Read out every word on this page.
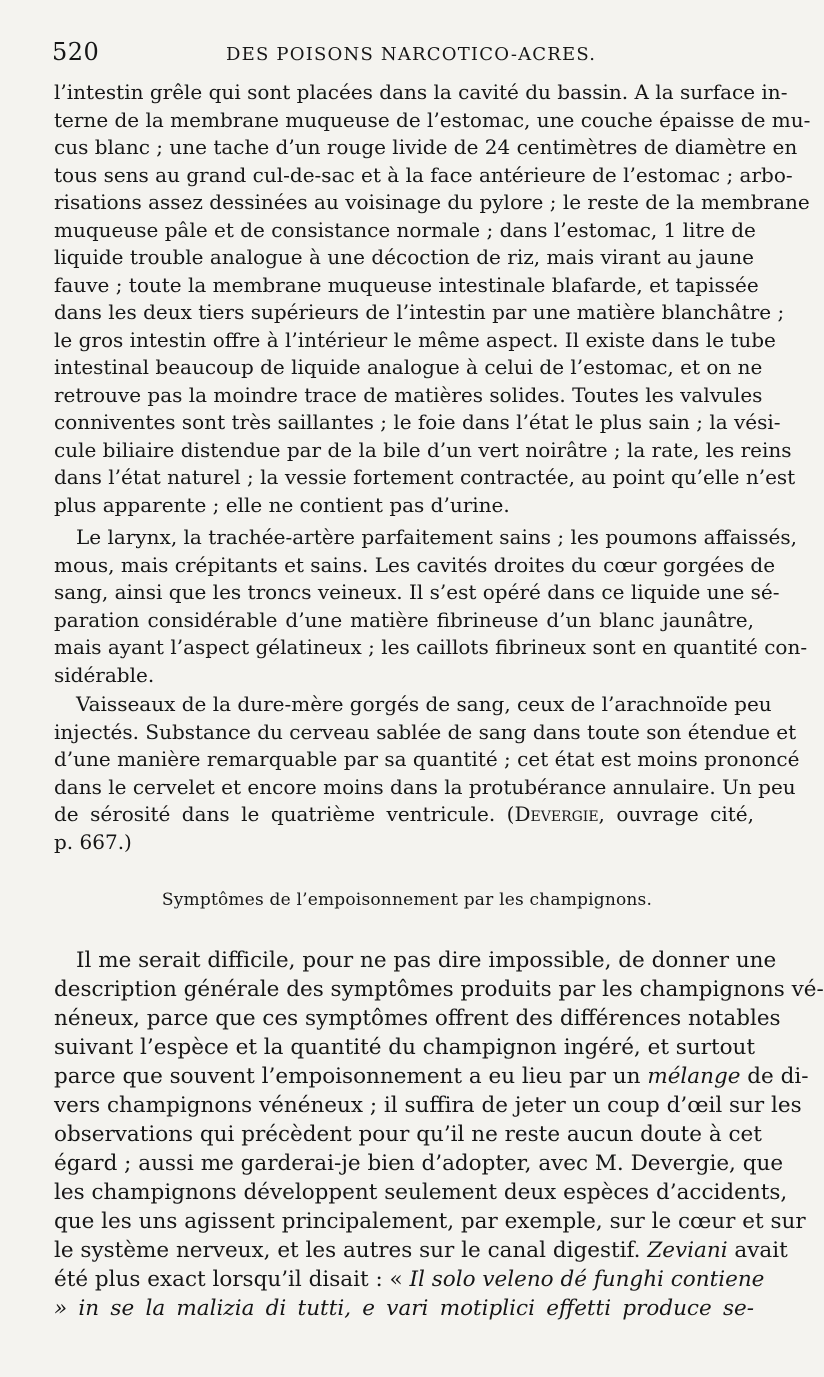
520	DES POISONS NARCOTICO-ACRES.
l’intestin grêle qui sont placées dans la cavité du bassin. A la surface in-
terne de la membrane muqueuse de l’estomac, une couche épaisse de mu-
cus blanc ; une tache d’un rouge livide de 24 centimètres de diamètre en
tous sens au grand cul-de-sac et à la face antérieure de l’estomac ; arbo-
risations assez dessinées au voisinage du pylore ; le reste de la membrane
muqueuse pâle et de consistance normale ; dans l’estomac, 1 litre de
liquide trouble analogue à une décoction de riz, mais virant au jaune
fauve ; toute la membrane muqueuse intestinale blafarde, et tapissée
dans les deux tiers supérieurs de l’intestin par une matière blanchâtre ;
le gros intestin offre à l’intérieur le même aspect. Il existe dans le tube
intestinal beaucoup de liquide analogue à celui de l’estomac, et on ne
retrouve pas la moindre trace de matières solides. Toutes les valvules
conniventes sont très saillantes ; le foie dans l’état le plus sain ; la vési-
cule biliaire distendue par de la bile d’un vert noirâtre ; la rate, les reins
dans l’état naturel ; la vessie fortement contractée, au point qu’elle n’est
plus apparente ; elle ne contient pas d’urine.
Le larynx, la trachée-artère parfaitement sains ; les poumons affaissés,
mous, mais crépitants et sains. Les cavités droites du cœur gorgées de
sang, ainsi que les troncs veineux. Il s’est opéré dans ce liquide une sé-
paration considérable d’une matière fibrineuse d’un blanc jaunâtre,
mais ayant l’aspect gélatineux ; les caillots fibrineux sont en quantité con-
sidérable.
Vaisseaux de la dure-mère gorgés de sang, ceux de l’arachnoïde peu
injectés. Substance du cerveau sablée de sang dans toute son étendue et
d’une manière remarquable par sa quantité ; cet état est moins prononcé
dans le cervelet et encore moins dans la protubérance annulaire. Un peu
de sérosité dans le quatrième ventricule. (Devergie, ouvrage cité,
p. 667.)
Symptômes de l’empoisonnement par les champignons.
Il me serait difficile, pour ne pas dire impossible, de donner une
description générale des symptômes produits par les champignons vé-
néneux, parce que ces symptômes offrent des différences notables
suivant l’espèce et la quantité du champignon ingéré, et surtout
parce que souvent l’empoisonnement a eu lieu par un mélange de di-
vers champignons vénéneux ; il suffira de jeter un coup d’œil sur les
observations qui précèdent pour qu’il ne reste aucun doute à cet
égard ; aussi me garderai-je bien d’adopter, avec M. Devergie, que
les champignons développent seulement deux espèces d’accidents,
que les uns agissent principalement, par exemple, sur le cœur et sur
le système nerveux, et les autres sur le canal digestif. Zeviani avait
été plus exact lorsqu’il disait : « Il solo veleno dé funghi contiene
» in se la malizia di tutti, e vari motiplici effetti produce se-
